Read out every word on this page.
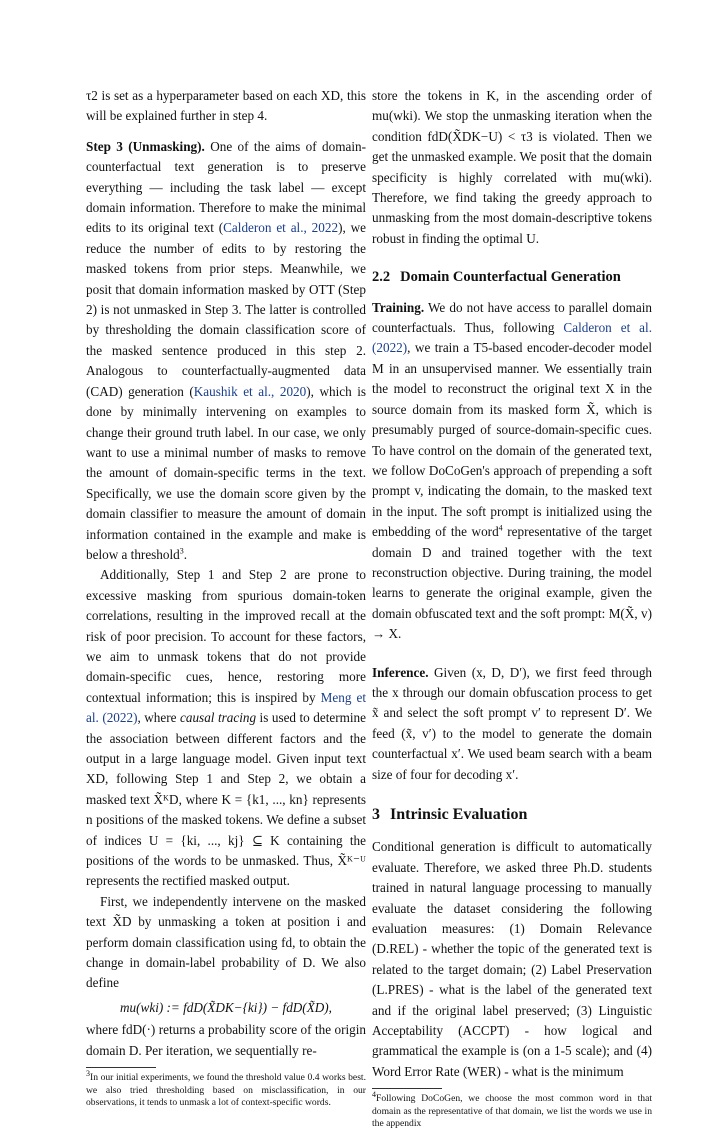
τ2 is set as a hyperparameter based on each XD, this will be explained further in step 4.

Step 3 (Unmasking). One of the aims of domain-counterfactual text generation is to preserve everything — including the task label — except domain information. Therefore to make the minimal edits to its original text (Calderon et al., 2022), we reduce the number of edits to by restoring the masked tokens from prior steps. Meanwhile, we posit that domain information masked by OTT (Step 2) is not unmasked in Step 3. The latter is controlled by thresholding the domain classification score of the masked sentence produced in this step 2. Analogous to counterfactually-augmented data (CAD) generation (Kaushik et al., 2020), which is done by minimally intervening on examples to change their ground truth label. In our case, we only want to use a minimal number of masks to remove the amount of domain-specific terms in the text. Specifically, we use the domain score given by the domain classifier to measure the amount of domain information contained in the example and make is below a threshold$^3$.

Additionally, Step 1 and Step 2 are prone to excessive masking from spurious domain-token correlations, resulting in the improved recall at the risk of poor precision. To account for these factors, we aim to unmask tokens that do not provide domain-specific cues, hence, restoring more contextual information; this is inspired by Meng et al. (2022), where causal tracing is used to determine the association between different factors and the output in a large language model. Given input text XD, following Step 1 and Step 2, we obtain a masked text X̃ᴷD, where K = {k1, ..., kn} represents n positions of the masked tokens. We define a subset of indices U = {ki, ..., kj} ⊆ K containing the positions of the words to be unmasked. Thus, X̃ᴷ⁻ᵁ represents the rectified masked output.

First, we independently intervene on the masked text X̃D by unmasking a token at position i and perform domain classification using fd, to obtain the change in domain-label probability of D. We also define

mu(wki) := fdD(X̃DK−{ki}) − fdD(X̃D),

where fdD(·) returns a probability score of the origin domain D. Per iteration, we sequentially re-

$^3$In our initial experiments, we found the threshold value 0.4 works best. we also tried thresholding based on misclassification, in our observations, it tends to unmask a lot of context-specific words.

store the tokens in K, in the ascending order of mu(wki). We stop the unmasking iteration when the condition fdD(X̃DK−U) < τ3 is violated. Then we get the unmasked example. We posit that the domain specificity is highly correlated with mu(wki). Therefore, we find taking the greedy approach to unmasking from the most domain-descriptive tokens robust in finding the optimal U.

2.2 Domain Counterfactual Generation

Training. We do not have access to parallel domain counterfactuals. Thus, following Calderon et al. (2022), we train a T5-based encoder-decoder model M in an unsupervised manner. We essentially train the model to reconstruct the original text X in the source domain from its masked form X̃, which is presumably purged of source-domain-specific cues. To have control on the domain of the generated text, we follow DoCoGen's approach of prepending a soft prompt v, indicating the domain, to the masked text in the input. The soft prompt is initialized using the embedding of the word$^4$ representative of the target domain D and trained together with the text reconstruction objective. During training, the model learns to generate the original example, given the domain obfuscated text and the soft prompt: M(X̃, v) → X.

Inference. Given (x, D, D′), we first feed through the x through our domain obfuscation process to get x̃ and select the soft prompt v′ to represent D′. We feed (x̃, v′) to the model to generate the domain counterfactual x′. We used beam search with a beam size of four for decoding x′.

3 Intrinsic Evaluation

Conditional generation is difficult to automatically evaluate. Therefore, we asked three Ph.D. students trained in natural language processing to manually evaluate the dataset considering the following evaluation measures: (1) Domain Relevance (D.REL) - whether the topic of the generated text is related to the target domain; (2) Label Preservation (L.PRES) - what is the label of the generated text and if the original label preserved; (3) Linguistic Acceptability (ACCPT) - how logical and grammatical the example is (on a 1-5 scale); and (4) Word Error Rate (WER) - what is the minimum

$^4$Following DoCoGen, we choose the most common word in that domain as the representative of that domain, we list the words we use in the appendix
